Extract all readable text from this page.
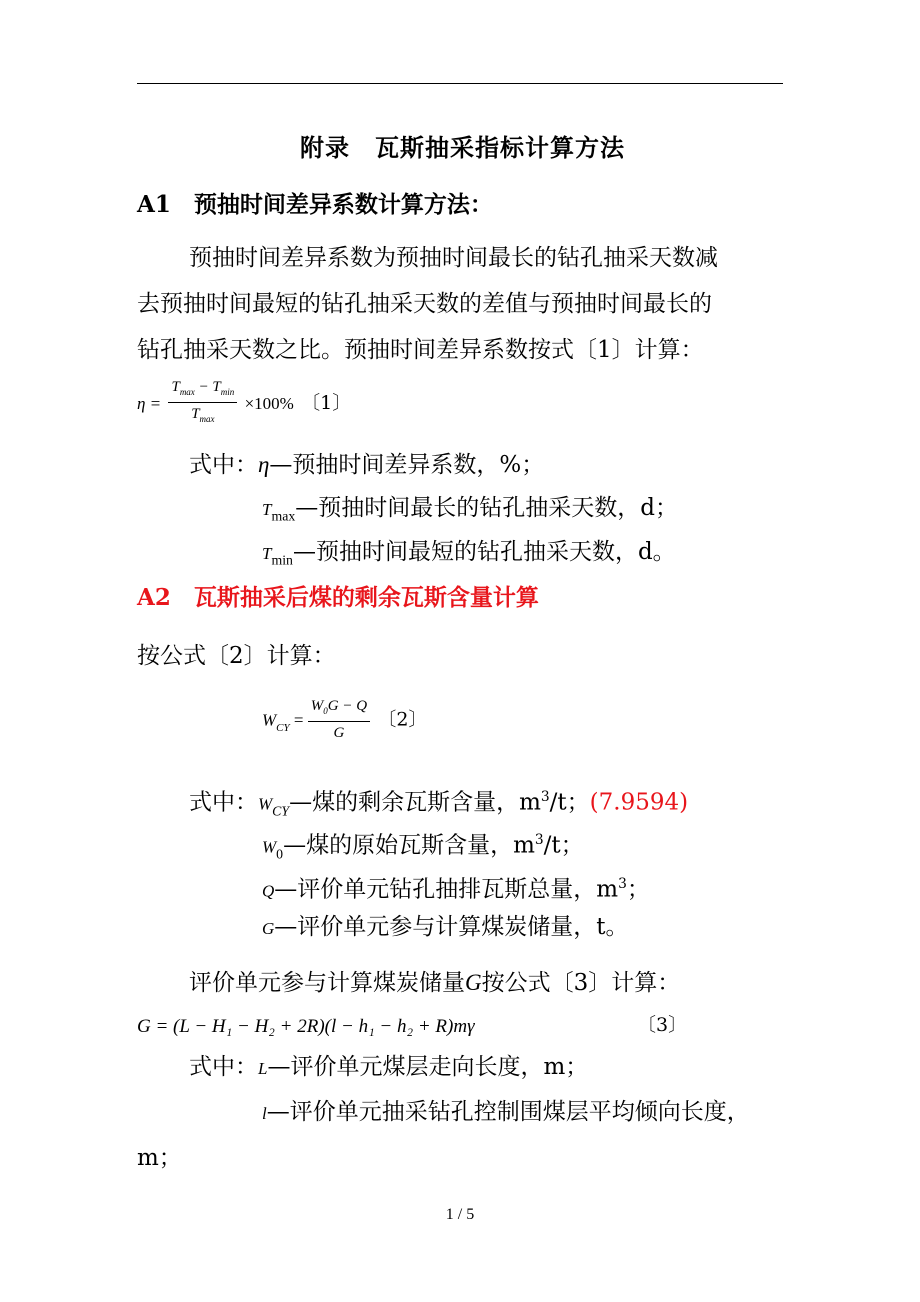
附录　瓦斯抽采指标计算方法
A1　预抽时间差异系数计算方法：
预抽时间差异系数为预抽时间最长的钻孔抽采天数减
去预抽时间最短的钻孔抽采天数的差值与预抽时间最长的
钻孔抽采天数之比。预抽时间差异系数按式〔1〕计算：
$\eta = \frac{T_{max} - T_{min}}{T_{max}} \times 100\%$ 〔1〕
式中：η—预抽时间差异系数，%；
$T_{max}—$预抽时间最长的钻孔抽采天数，d；
$T_{min}—$预抽时间最短的钻孔抽采天数，d。
A2　瓦斯抽采后煤的剩余瓦斯含量计算
按公式〔2〕计算：
$W_{CY} = \frac{W_0G - Q}{G}$ 〔2〕
式中：$W_{CY}—$煤的剩余瓦斯含量，$m^3/t$；(7.9594)
$W_0—$煤的原始瓦斯含量，$m^3/t$；
Q—评价单元钻孔抽排瓦斯总量，$m^3$；
G—评价单元参与计算煤炭储量，t。
评价单元参与计算煤炭储量G按公式〔3〕计算：
G = (L − H₁ − H₂ + 2R)(l − h₁ − h₂ + R)mγ	〔3〕
式中：L—评价单元煤层走向长度，m；
l—评价单元抽采钻孔控制围煤层平均倾向长度，
m；
1 / 5
